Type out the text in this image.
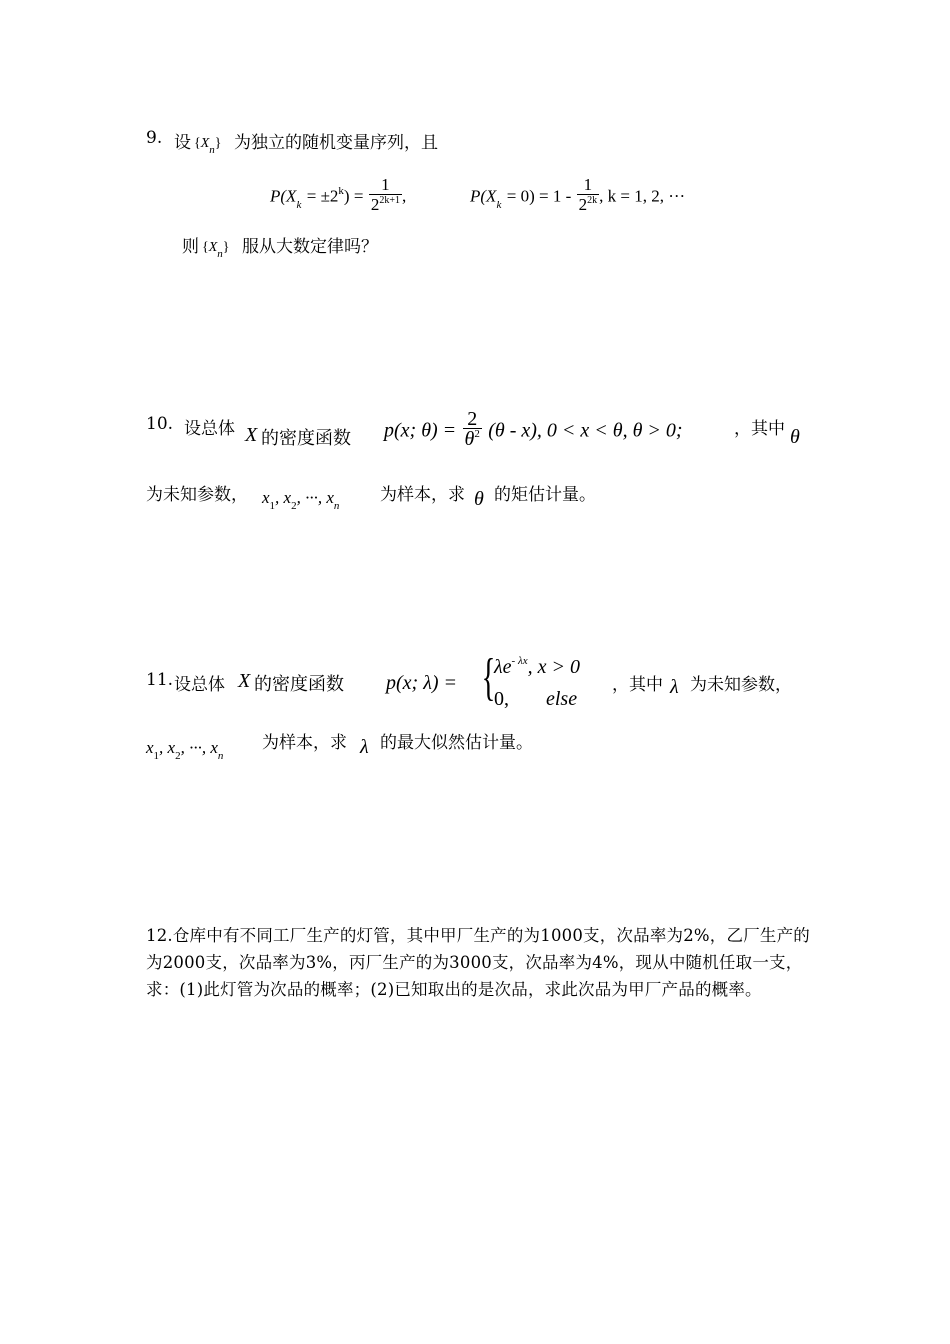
9. 设 $\{X_n\}$ 为独立的随机变量序列，且
$P(X_k = \pm 2^k) = \frac{1}{2^{2k+1}}$ ,	$P(X_k = 0) = 1 - \frac{1}{2^{2k}}$ , k = 1, 2, ···
则 $\{X_n\}$ 服从大数定律吗？
10. 设总体 X 的密度函数 p(x; $\theta) = \frac{2}{\theta^2} (\theta - x)$, 0 < x < θ, θ > 0;	，其中 θ
为未知参数， $x_1$, $x_2$, ···, $x_n$
为样本，求 θ 的矩估计量。
11. 设总体 X 的密度函数 p(x; λ) = {
$\lambda e^{- \lambda x}$, x > 0
0, else
，其中 λ 为未知参数，
$x_1$, $x_2$, ···, $x_n$
为样本，求 λ 的最大似然估计量。
12.仓库中有不同工厂生产的灯管，其中甲厂生产的为1000支，次品率为2%，乙厂生产的为2000支，次品率为3%，丙厂生产的为3000支，次品率为4%，现从中随机任取一支，求：(1)此灯管为次品的概率；(2)已知取出的是次品，求此次品为甲厂产品的概率。
